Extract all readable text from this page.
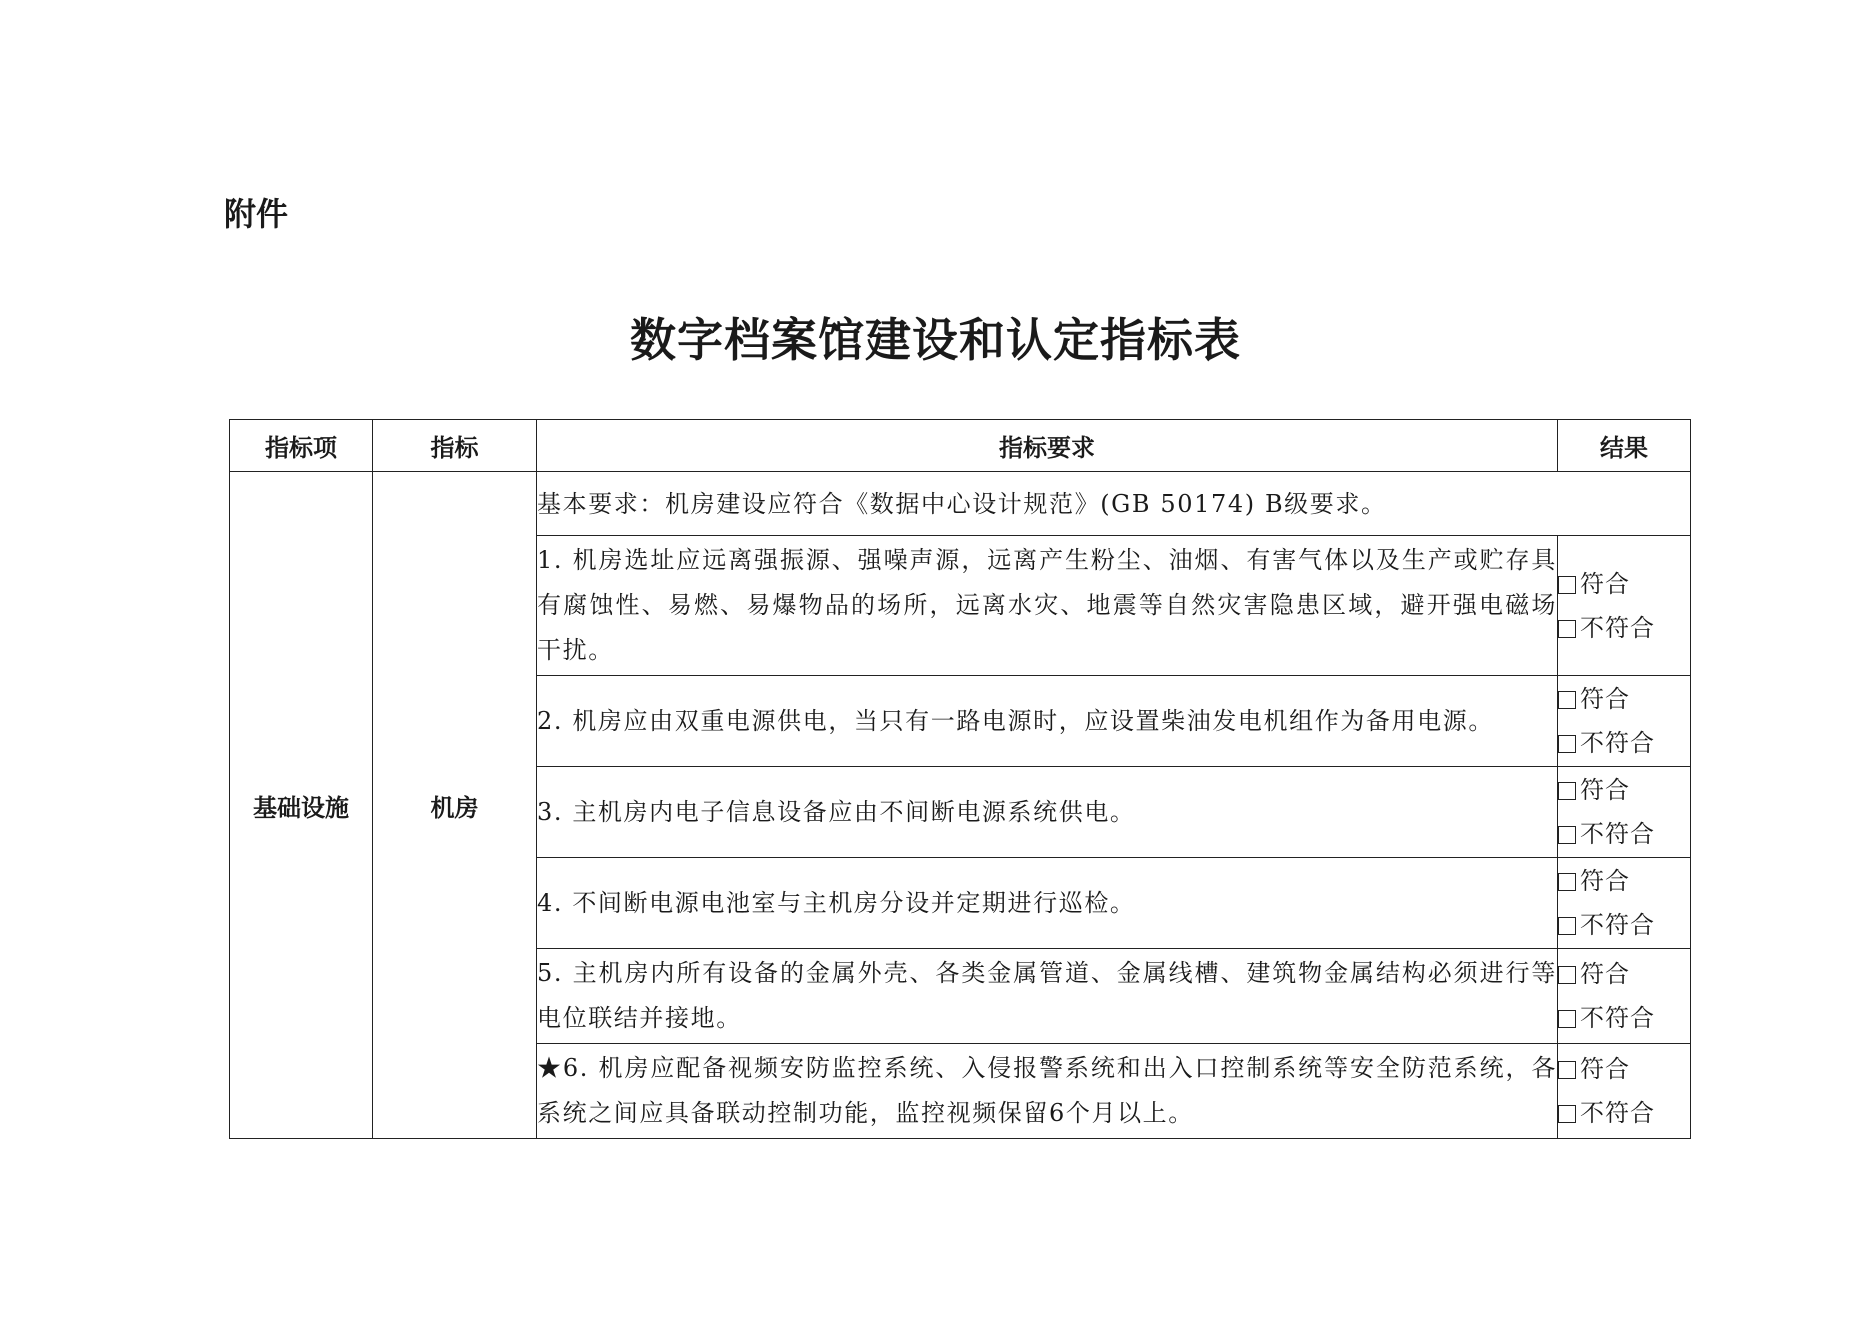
附件
数字档案馆建设和认定指标表
指标项	指标	指标要求	结果
基础设施	机房	基本要求：机房建设应符合《数据中心设计规范》(GB 50174) B级要求。	
		1. 机房选址应远离强振源、强噪声源，远离产生粉尘、油烟、有害气体以及生产或贮存具有腐蚀性、易燃、易爆物品的场所，远离水灾、地震等自然灾害隐患区域，避开强电磁场干扰。	符合
不符合

		2. 机房应由双重电源供电，当只有一路电源时，应设置柴油发电机组作为备用电源。	符合
不符合

		3. 主机房内电子信息设备应由不间断电源系统供电。	符合
不符合

		4. 不间断电源电池室与主机房分设并定期进行巡检。	符合
不符合

		5. 主机房内所有设备的金属外壳、各类金属管道、金属线槽、建筑物金属结构必须进行等电位联结并接地。	符合
不符合

		★6. 机房应配备视频安防监控系统、入侵报警系统和出入口控制系统等安全防范系统，各系统之间应具备联动控制功能，监控视频保留6个月以上。	符合
不符合
